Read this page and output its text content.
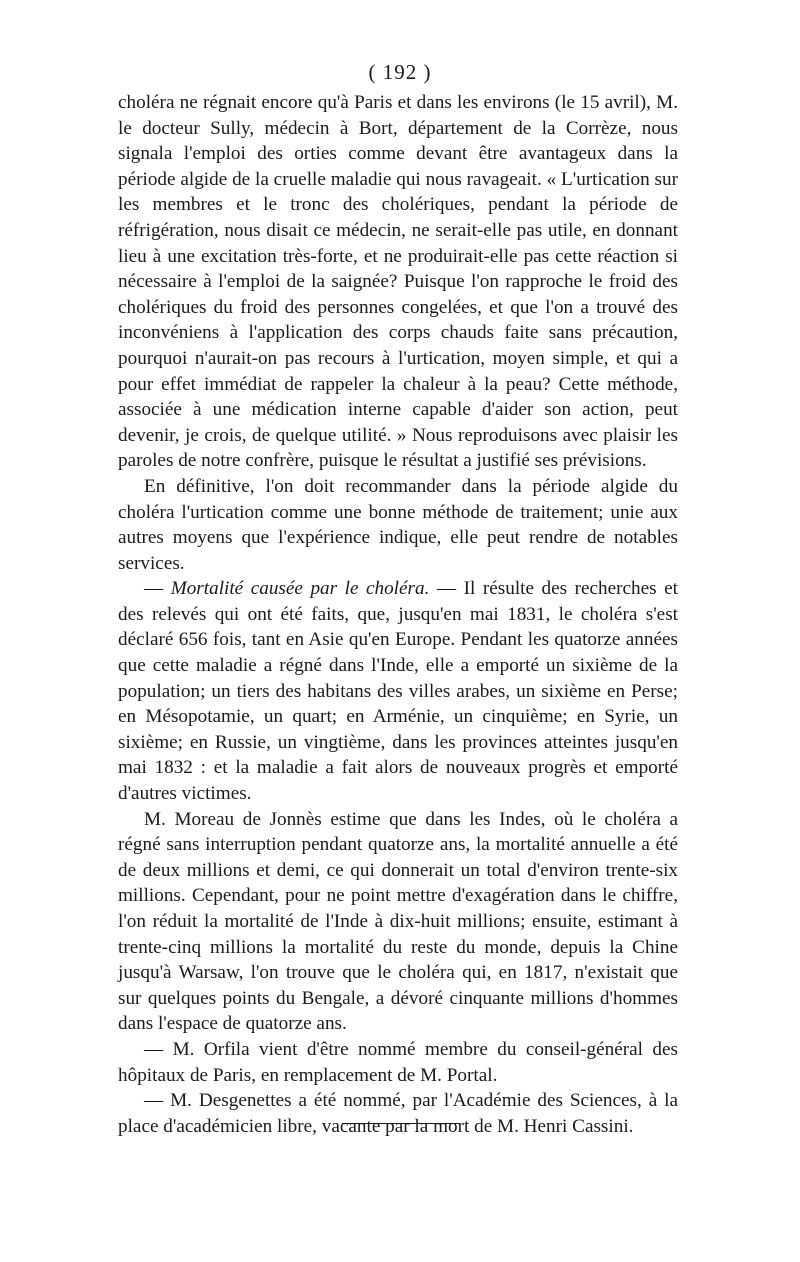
( 192 )

choléra ne régnait encore qu'à Paris et dans les environs (le 15 avril), M. le docteur Sully, médecin à Bort, département de la Corrèze, nous signala l'emploi des orties comme devant être avantageux dans la période algide de la cruelle maladie qui nous ravageait. « L'urtication sur les membres et le tronc des cholériques, pendant la période de réfrigération, nous disait ce médecin, ne serait-elle pas utile, en donnant lieu à une excitation très-forte, et ne produirait-elle pas cette réaction si nécessaire à l'emploi de la saignée? Puisque l'on rapproche le froid des cholériques du froid des personnes congelées, et que l'on a trouvé des inconvéniens à l'application des corps chauds faite sans précaution, pourquoi n'aurait-on pas recours à l'urtication, moyen simple, et qui a pour effet immédiat de rappeler la chaleur à la peau? Cette méthode, associée à une médication interne capable d'aider son action, peut devenir, je crois, de quelque utilité. » Nous reproduisons avec plaisir les paroles de notre confrère, puisque le résultat a justifié ses prévisions.

En définitive, l'on doit recommander dans la période algide du choléra l'urtication comme une bonne méthode de traitement; unie aux autres moyens que l'expérience indique, elle peut rendre de notables services.

— Mortalité causée par le choléra. — Il résulte des recherches et des relevés qui ont été faits, que, jusqu'en mai 1831, le choléra s'est déclaré 656 fois, tant en Asie qu'en Europe. Pendant les quatorze années que cette maladie a régné dans l'Inde, elle a emporté un sixième de la population; un tiers des habitans des villes arabes, un sixième en Perse; en Mésopotamie, un quart; en Arménie, un cinquième; en Syrie, un sixième; en Russie, un vingtième, dans les provinces atteintes jusqu'en mai 1832 : et la maladie a fait alors de nouveaux progrès et emporté d'autres victimes.

M. Moreau de Jonnès estime que dans les Indes, où le choléra a régné sans interruption pendant quatorze ans, la mortalité annuelle a été de deux millions et demi, ce qui donnerait un total d'environ trente-six millions. Cependant, pour ne point mettre d'exagération dans le chiffre, l'on réduit la mortalité de l'Inde à dix-huit millions; ensuite, estimant à trente-cinq millions la mortalité du reste du monde, depuis la Chine jusqu'à Warsaw, l'on trouve que le choléra qui, en 1817, n'existait que sur quelques points du Bengale, a dévoré cinquante millions d'hommes dans l'espace de quatorze ans.

— M. Orfila vient d'être nommé membre du conseil-général des hôpitaux de Paris, en remplacement de M. Portal.

— M. Desgenettes a été nommé, par l'Académie des Sciences, à la place d'académicien libre, vacante par la mort de M. Henri Cassini.
